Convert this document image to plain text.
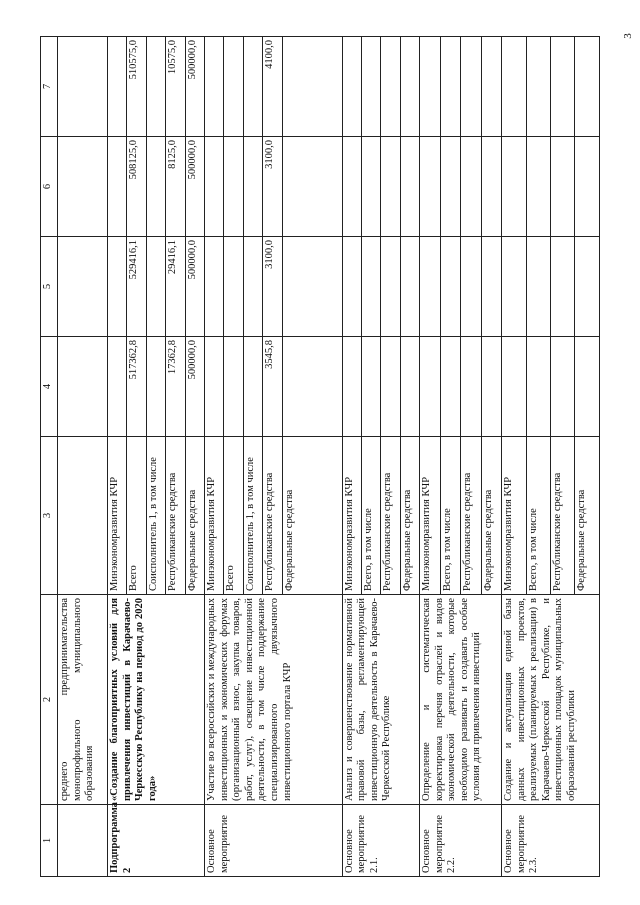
3
1	2	3	4	5	6	7
	среднего предпринимательства монопрофильного муниципального образования					
Подпрограмма 2	«Создание благоприятных условий для привлечения инвестиций в Карачаево-Черкесскую Республику на период до 2020 года»	Минэкономразвития КЧР				
		Всего	517362,8	529416,1	508125,0	510575,0
		Соисполнитель 1, в том числе				
		Республиканские средства	17362,8	29416,1	8125,0	10575,0
		Федеральные средства	500000,0	500000,0	500000,0	500000,0
Основное мероприятие	Участие во всероссийских и международных инвестиционных и экономических форумах (организационный взнос, закупка товаров, работ, услуг), освещение инвестиционной деятельности, в том числе поддержание специализированного двуязычного инвестиционного портала КЧР	Минэкономразвития КЧР				
		Всего				
		Соисполнитель 1, в том числе				
		Республиканские средства	3545,8	3100,0	3100,0	4100,0
		Федеральные средства				
Основное мероприятие 2.1.	Анализ и совершенствование нормативной правовой базы, регламентирующей инвестиционную деятельность в Карачаево-Черкесской Республике	Минэкономразвития КЧР				
		Всего, в том числе				
		Республиканские средства				
		Федеральные средства				
Основное мероприятие 2.2.	Определение и систематическая корректировка перечня отраслей и видов экономической деятельности, которые необходимо развивать и создавать особые условия для привлечения инвестиций	Минэкономразвития КЧР				
		Всего, в том числе				
		Республиканские средства				
		Федеральные средства				
Основное мероприятие 2.3.	Создание и актуализация единой базы данных инвестиционных проектов, реализуемых (планируемых к реализации) в Карачаево-Черкесской Республике, и инвестиционных площадок муниципальных образований республики	Минэкономразвития КЧР				
		Всего, в том числе				
		Республиканские средства				
		Федеральные средства				
